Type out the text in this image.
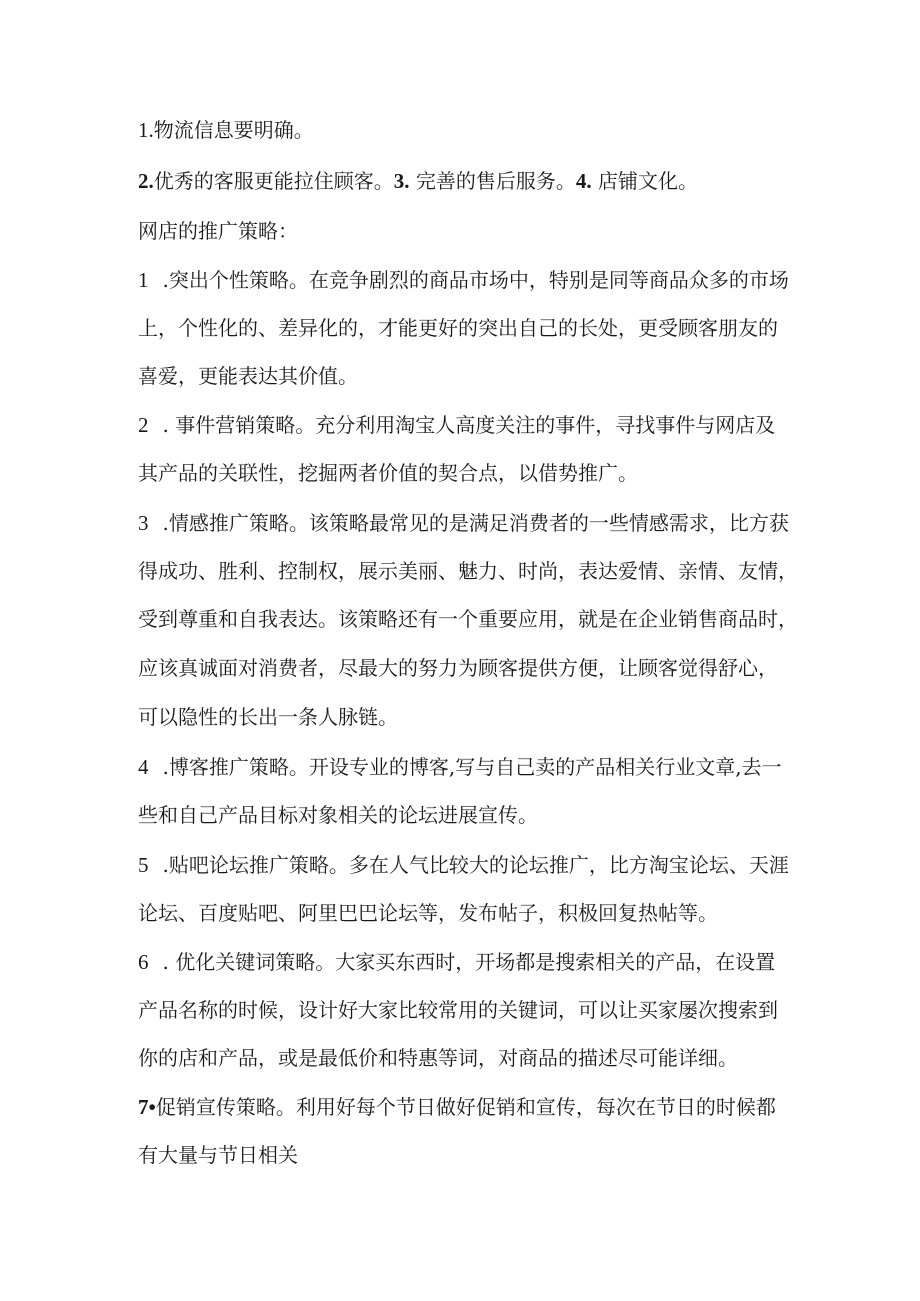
1.物流信息要明确。
2.优秀的客服更能拉住顾客。3. 完善的售后服务。4. 店铺文化。
网店的推广策略：
1 .突出个性策略。在竞争剧烈的商品市场中，特别是同等商品众多的市场
上，个性化的、差异化的，才能更好的突出自己的长处，更受顾客朋友的
喜爱，更能表达其价值。
2 . 事件营销策略。充分利用淘宝人高度关注的事件，寻找事件与网店及
其产品的关联性，挖掘两者价值的契合点，以借势推广。
3 .情感推广策略。该策略最常见的是满足消费者的一些情感需求，比方获
得成功、胜利、控制权，展示美丽、魅力、时尚，表达爱情、亲情、友情，
受到尊重和自我表达。该策略还有一个重要应用，就是在企业销售商品时，
应该真诚面对消费者，尽最大的努力为顾客提供方便，让顾客觉得舒心，
可以隐性的长出一条人脉链。
4 .博客推广策略。开设专业的博客,写与自己卖的产品相关行业文章,去一
些和自己产品目标对象相关的论坛进展宣传。
5 .贴吧论坛推广策略。多在人气比较大的论坛推广，比方淘宝论坛、天涯
论坛、百度贴吧、阿里巴巴论坛等，发布帖子，积极回复热帖等。
6 . 优化关键词策略。大家买东西时，开场都是搜索相关的产品，在设置
产品名称的时候，设计好大家比较常用的关键词，可以让买家屡次搜索到
你的店和产品，或是最低价和特惠等词，对商品的描述尽可能详细。
7•促销宣传策略。利用好每个节日做好促销和宣传，每次在节日的时候都
有大量与节日相关
